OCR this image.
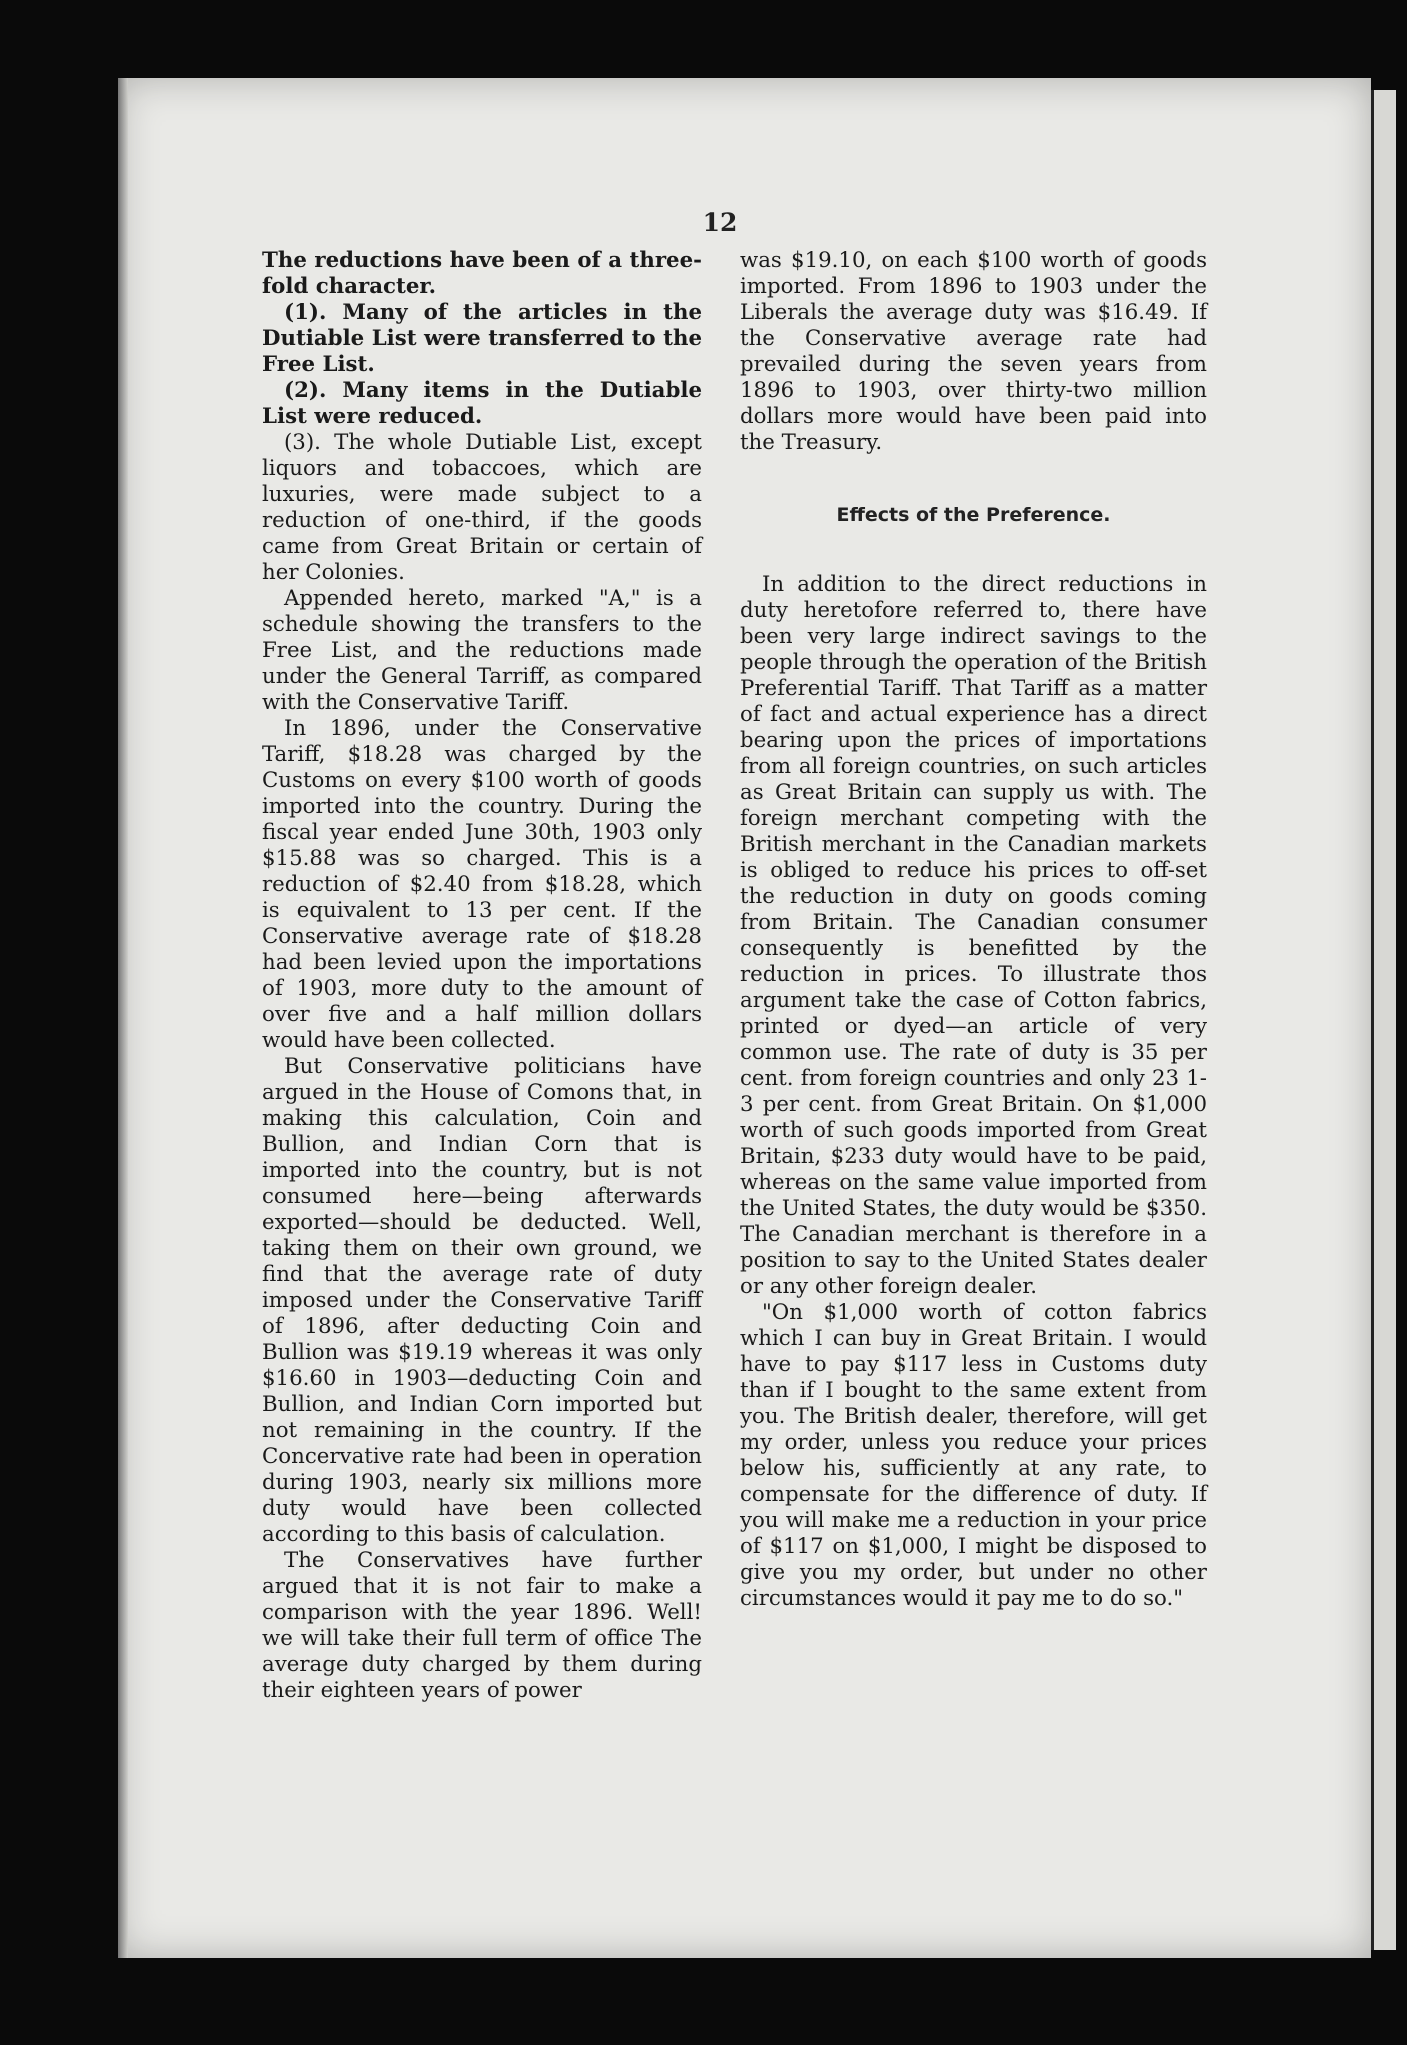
12

The reductions have been of a three-fold character.

(1). Many of the articles in the Dutiable List were transferred to the Free List.

(2). Many items in the Dutiable List were reduced.

(3). The whole Dutiable List, except liquors and tobaccoes, which are luxuries, were made subject to a reduction of one-third, if the goods came from Great Britain or certain of her Colonies.

Appended hereto, marked "A," is a schedule showing the transfers to the Free List, and the reductions made under the General Tarriff, as compared with the Conservative Tariff.

In 1896, under the Conservative Tariff, $18.28 was charged by the Customs on every $100 worth of goods imported into the country. During the fiscal year ended June 30th, 1903 only $15.88 was so charged. This is a reduction of $2.40 from $18.28, which is equivalent to 13 per cent. If the Conservative average rate of $18.28 had been levied upon the importations of 1903, more duty to the amount of over five and a half million dollars would have been collected.

But Conservative politicians have argued in the House of Comons that, in making this calculation, Coin and Bullion, and Indian Corn that is imported into the country, but is not consumed here—being afterwards exported—should be deducted. Well, taking them on their own ground, we find that the average rate of duty imposed under the Conservative Tariff of 1896, after deducting Coin and Bullion was $19.19 whereas it was only $16.60 in 1903—deducting Coin and Bullion, and Indian Corn imported but not remaining in the country. If the Concervative rate had been in operation during 1903, nearly six millions more duty would have been collected according to this basis of calculation.

The Conservatives have further argued that it is not fair to make a comparison with the year 1896. Well! we will take their full term of office The average duty charged by them during their eighteen years of power

was $19.10, on each $100 worth of goods imported. From 1896 to 1903 under the Liberals the average duty was $16.49. If the Conservative average rate had prevailed during the seven years from 1896 to 1903, over thirty-two million dollars more would have been paid into the Treasury.

Effects of the Preference.

In addition to the direct reductions in duty heretofore referred to, there have been very large indirect savings to the people through the operation of the British Preferential Tariff. That Tariff as a matter of fact and actual experience has a direct bearing upon the prices of importations from all foreign countries, on such articles as Great Britain can supply us with. The foreign merchant competing with the British merchant in the Canadian markets is obliged to reduce his prices to off-set the reduction in duty on goods coming from Britain. The Canadian consumer consequently is benefitted by the reduction in prices. To illustrate thos argument take the case of Cotton fabrics, printed or dyed—an article of very common use. The rate of duty is 35 per cent. from foreign countries and only 23 1-3 per cent. from Great Britain. On $1,000 worth of such goods imported from Great Britain, $233 duty would have to be paid, whereas on the same value imported from the United States, the duty would be $350. The Canadian merchant is therefore in a position to say to the United States dealer or any other foreign dealer.

"On $1,000 worth of cotton fabrics which I can buy in Great Britain. I would have to pay $117 less in Customs duty than if I bought to the same extent from you. The British dealer, therefore, will get my order, unless you reduce your prices below his, sufficiently at any rate, to compensate for the difference of duty. If you will make me a reduction in your price of $117 on $1,000, I might be disposed to give you my order, but under no other circumstances would it pay me to do so."
